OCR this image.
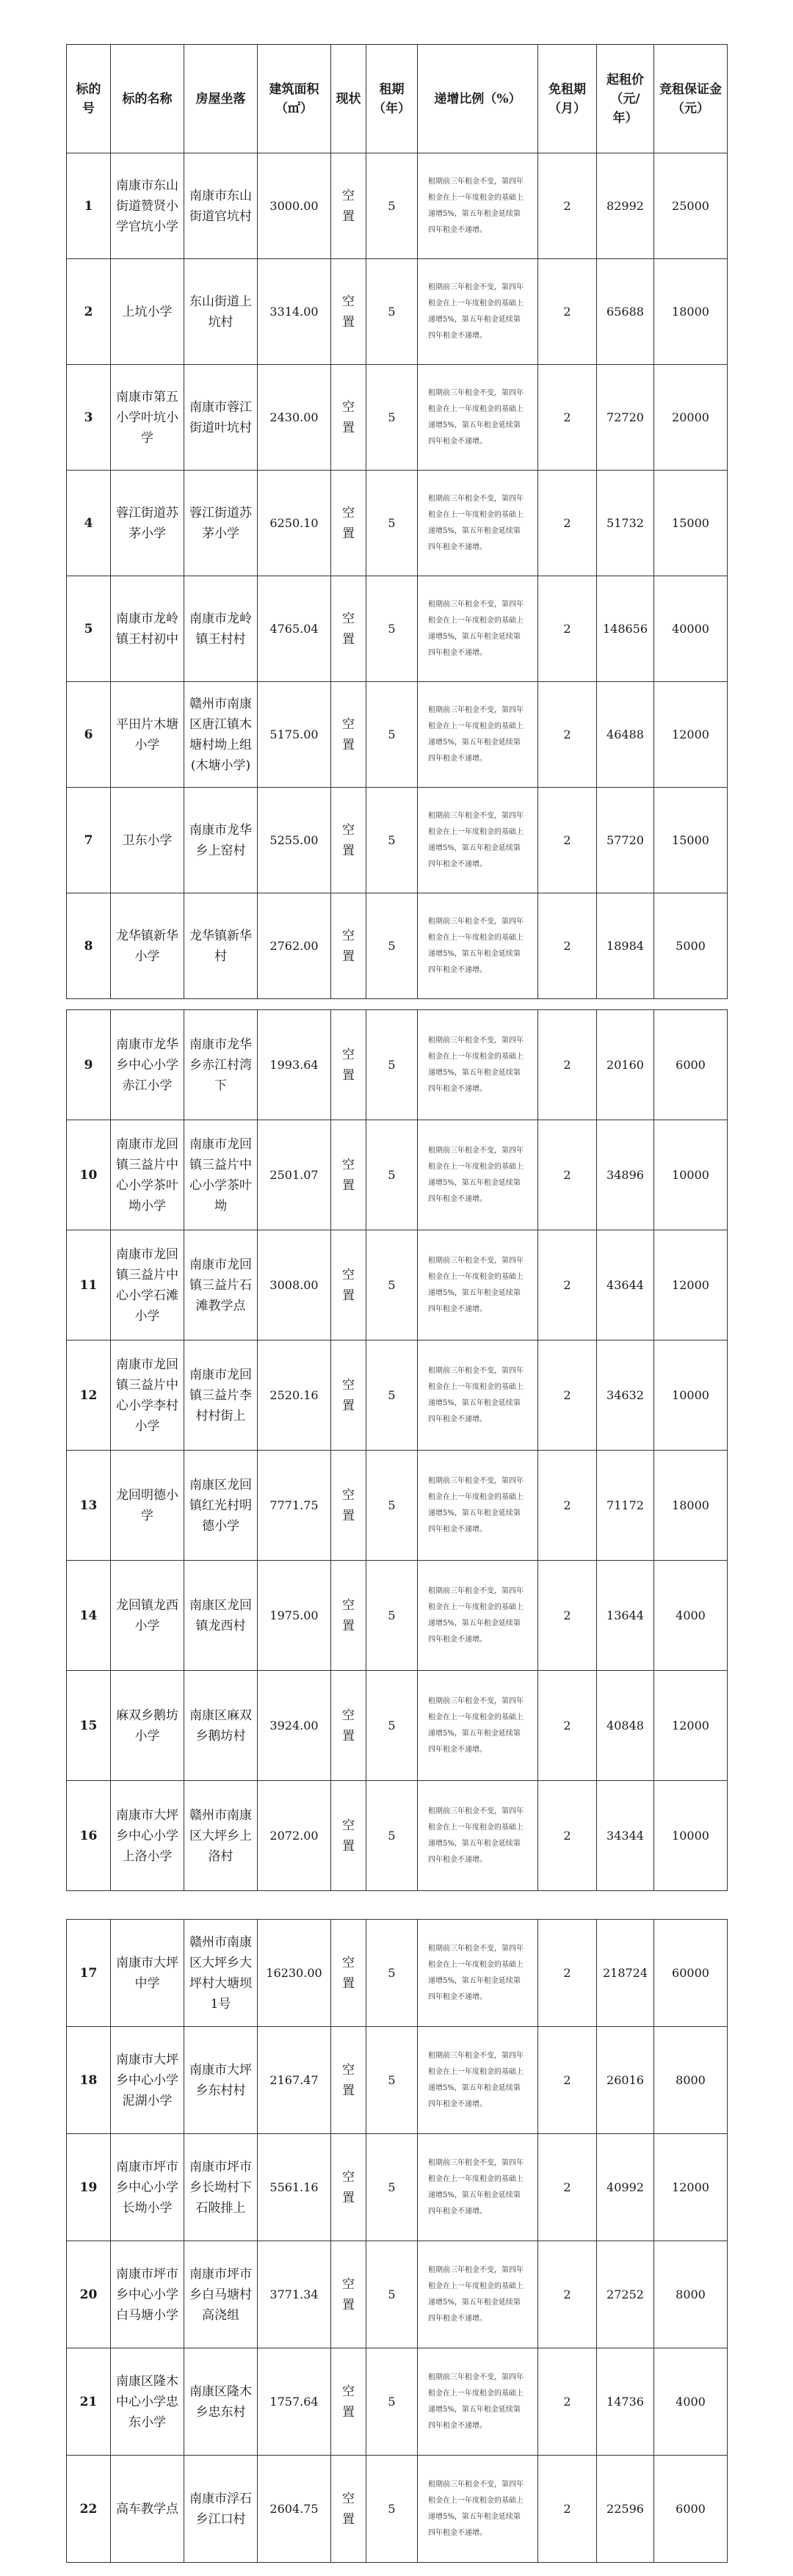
标的号	标的名称	房屋坐落	建筑面积（㎡）	现状	租期（年）	递增比例（%）	免租期（月）	起租价（元/年）	竞租保证金（元）
1	南康市东山街道赞贤小学官坑小学	南康市东山街道官坑村	3000.00	空置	5	租期前三年租金不变，第四年租金在上一年度租金的基础上递增5%，第五年租金延续第四年租金不递增。	2	82992	25000
2	上坑小学	东山街道上坑村	3314.00	空置	5	租期前三年租金不变，第四年租金在上一年度租金的基础上递增5%，第五年租金延续第四年租金不递增。	2	65688	18000
3	南康市第五小学叶坑小学	南康市蓉江街道叶坑村	2430.00	空置	5	租期前三年租金不变，第四年租金在上一年度租金的基础上递增5%，第五年租金延续第四年租金不递增。	2	72720	20000
4	蓉江街道苏茅小学	蓉江街道苏茅小学	6250.10	空置	5	租期前三年租金不变，第四年租金在上一年度租金的基础上递增5%，第五年租金延续第四年租金不递增。	2	51732	15000
5	南康市龙岭镇王村初中	南康市龙岭镇王村村	4765.04	空置	5	租期前三年租金不变，第四年租金在上一年度租金的基础上递增5%，第五年租金延续第四年租金不递增。	2	148656	40000
6	平田片木塘小学	赣州市南康区唐江镇木塘村坳上组(木塘小学)	5175.00	空置	5	租期前三年租金不变，第四年租金在上一年度租金的基础上递增5%，第五年租金延续第四年租金不递增。	2	46488	12000
7	卫东小学	南康市龙华乡上窑村	5255.00	空置	5	租期前三年租金不变，第四年租金在上一年度租金的基础上递增5%，第五年租金延续第四年租金不递增。	2	57720	15000
8	龙华镇新华小学	龙华镇新华村	2762.00	空置	5	租期前三年租金不变，第四年租金在上一年度租金的基础上递增5%，第五年租金延续第四年租金不递增。	2	18984	5000
9	南康市龙华乡中心小学赤江小学	南康市龙华乡赤江村湾下	1993.64	空置	5	租期前三年租金不变，第四年租金在上一年度租金的基础上递增5%，第五年租金延续第四年租金不递增。	2	20160	6000
10	南康市龙回镇三益片中心小学茶叶坳小学	南康市龙回镇三益片中心小学茶叶坳	2501.07	空置	5	租期前三年租金不变，第四年租金在上一年度租金的基础上递增5%，第五年租金延续第四年租金不递增。	2	34896	10000
11	南康市龙回镇三益片中心小学石滩小学	南康市龙回镇三益片石滩教学点	3008.00	空置	5	租期前三年租金不变，第四年租金在上一年度租金的基础上递增5%，第五年租金延续第四年租金不递增。	2	43644	12000
12	南康市龙回镇三益片中心小学李村小学	南康市龙回镇三益片李村村街上	2520.16	空置	5	租期前三年租金不变，第四年租金在上一年度租金的基础上递增5%，第五年租金延续第四年租金不递增。	2	34632	10000
13	龙回明德小学	南康区龙回镇红光村明德小学	7771.75	空置	5	租期前三年租金不变，第四年租金在上一年度租金的基础上递增5%，第五年租金延续第四年租金不递增。	2	71172	18000
14	龙回镇龙西小学	南康区龙回镇龙西村	1975.00	空置	5	租期前三年租金不变，第四年租金在上一年度租金的基础上递增5%，第五年租金延续第四年租金不递增。	2	13644	4000
15	麻双乡鹅坊小学	南康区麻双乡鹅坊村	3924.00	空置	5	租期前三年租金不变，第四年租金在上一年度租金的基础上递增5%，第五年租金延续第四年租金不递增。	2	40848	12000
16	南康市大坪乡中心小学上洛小学	赣州市南康区大坪乡上洛村	2072.00	空置	5	租期前三年租金不变，第四年租金在上一年度租金的基础上递增5%，第五年租金延续第四年租金不递增。	2	34344	10000
17	南康市大坪中学	赣州市南康区大坪乡大坪村大塘坝1号	16230.00	空置	5	租期前三年租金不变，第四年租金在上一年度租金的基础上递增5%，第五年租金延续第四年租金不递增。	2	218724	60000
18	南康市大坪乡中心小学泥湖小学	南康市大坪乡东村村	2167.47	空置	5	租期前三年租金不变，第四年租金在上一年度租金的基础上递增5%，第五年租金延续第四年租金不递增。	2	26016	8000
19	南康市坪市乡中心小学长坳小学	南康市坪市乡长坳村下石陂排上	5561.16	空置	5	租期前三年租金不变，第四年租金在上一年度租金的基础上递增5%，第五年租金延续第四年租金不递增。	2	40992	12000
20	南康市坪市乡中心小学白马塘小学	南康市坪市乡白马塘村高浇组	3771.34	空置	5	租期前三年租金不变，第四年租金在上一年度租金的基础上递增5%，第五年租金延续第四年租金不递增。	2	27252	8000
21	南康区隆木中心小学忠东小学	南康区隆木乡忠东村	1757.64	空置	5	租期前三年租金不变，第四年租金在上一年度租金的基础上递增5%，第五年租金延续第四年租金不递增。	2	14736	4000
22	高车教学点	南康市浮石乡江口村	2604.75	空置	5	租期前三年租金不变，第四年租金在上一年度租金的基础上递增5%，第五年租金延续第四年租金不递增。	2	22596	6000
